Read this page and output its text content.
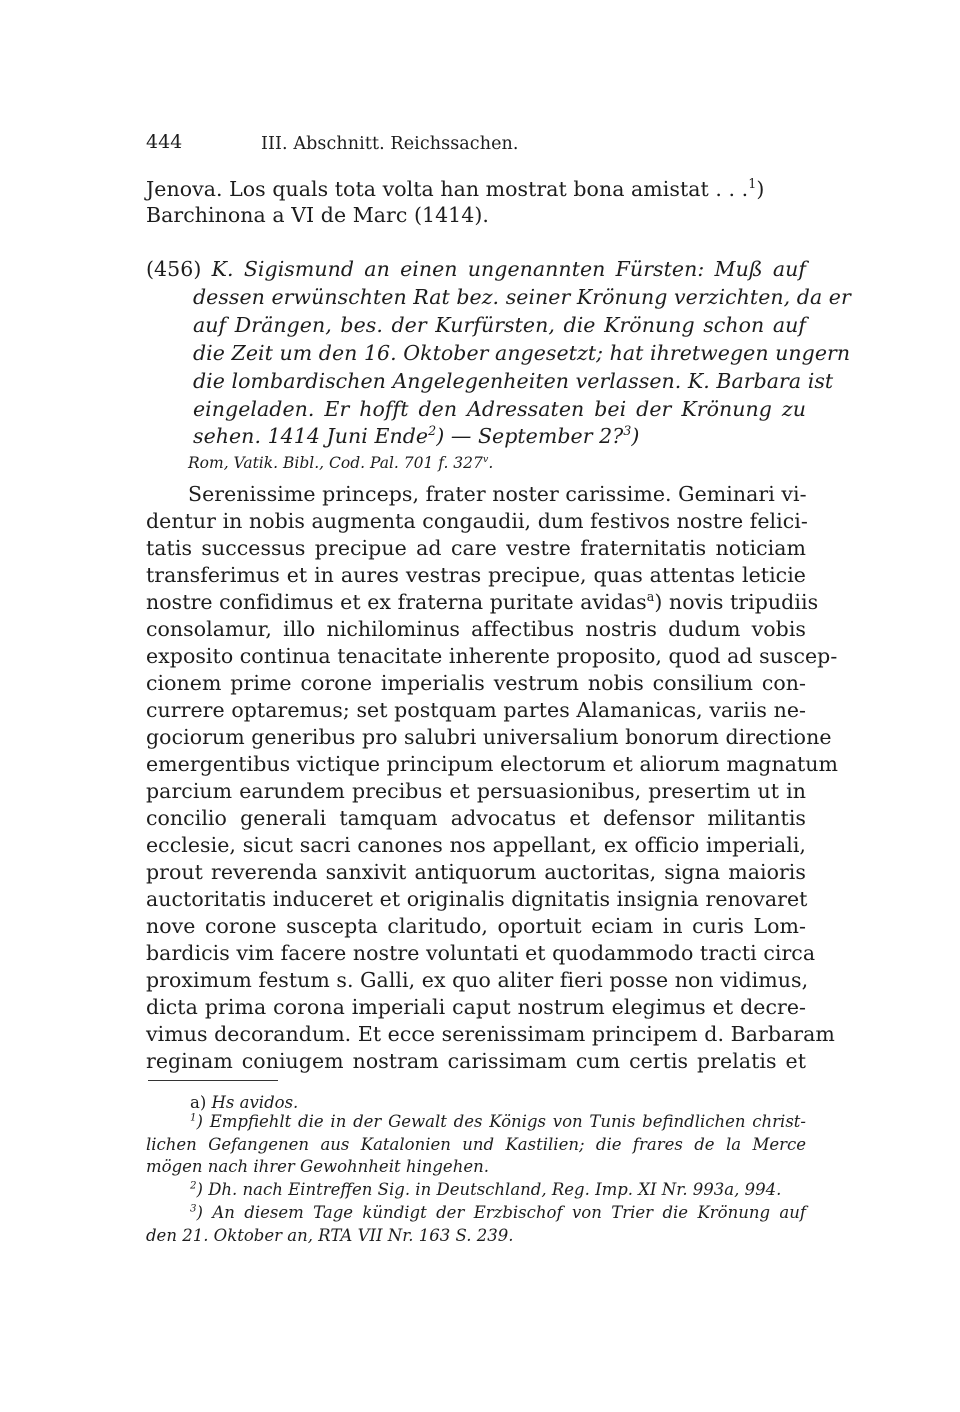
444	III. Abschnitt. Reichssachen.
Jenova. Los quals tota volta han mostrat bona amistat . . .$^1$)
Barchinona a VI de Marc (1414).
(456) K. Sigismund an einen ungenannten Fürsten: Muß auf
dessen erwünschten Rat bez. seiner Krönung verzichten, da er
auf Drängen, bes. der Kurfürsten, die Krönung schon auf
die Zeit um den 16. Oktober angesetzt; hat ihretwegen ungern
die lombardischen Angelegenheiten verlassen. K. Barbara ist
eingeladen. Er hofft den Adressaten bei der Krönung zu
sehen. 1414 Juni Ende$^2$) — September 2?$^3$)
Rom, Vatik. Bibl., Cod. Pal. 701 f. 327$^v$.
Serenissime princeps, frater noster carissime. Geminari vi-
dentur in nobis augmenta congaudii, dum festivos nostre felici-
tatis successus precipue ad care vestre fraternitatis noticiam
transferimus et in aures vestras precipue, quas attentas leticie
nostre confidimus et ex fraterna puritate avidas$^a$) novis tripudiis
consolamur, illo nichilominus affectibus nostris dudum vobis
exposito continua tenacitate inherente proposito, quod ad suscep-
cionem prime corone imperialis vestrum nobis consilium con-
currere optaremus; set postquam partes Alamanicas, variis ne-
gociorum generibus pro salubri universalium bonorum directione
emergentibus victique principum electorum et aliorum magnatum
parcium earundem precibus et persuasionibus, presertim ut in
concilio generali tamquam advocatus et defensor militantis
ecclesie, sicut sacri canones nos appellant, ex officio imperiali,
prout reverenda sanxivit antiquorum auctoritas, signa maioris
auctoritatis induceret et originalis dignitatis insignia renovaret
nove corone suscepta claritudo, oportuit eciam in curis Lom-
bardicis vim facere nostre voluntati et quodammodo tracti circa
proximum festum s. Galli, ex quo aliter fieri posse non vidimus,
dicta prima corona imperiali caput nostrum elegimus et decre-
vimus decorandum. Et ecce serenissimam principem d. Barbaram
reginam coniugem nostram carissimam cum certis prelatis et
a) Hs avidos.
$^1$) Empfiehlt die in der Gewalt des Königs von Tunis befindlichen christ-
lichen Gefangenen aus Katalonien und Kastilien; die frares de la Merce
mögen nach ihrer Gewohnheit hingehen.
$^2$) Dh. nach Eintreffen Sig. in Deutschland, Reg. Imp. XI Nr. 993a, 994.
$^3$) An diesem Tage kündigt der Erzbischof von Trier die Krönung auf
den 21. Oktober an, RTA VII Nr. 163 S. 239.
